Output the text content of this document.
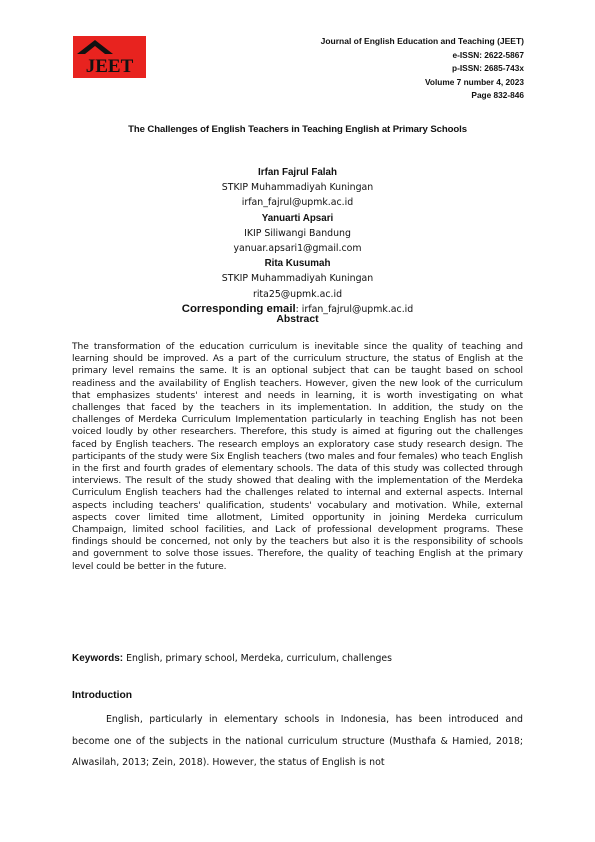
JEET
Journal of English Education and Teaching (JEET)
e-ISSN: 2622-5867
p-ISSN: 2685-743x
Volume 7 number 4, 2023
Page 832-846
The Challenges of English Teachers in Teaching English at Primary Schools
Irfan Fajrul Falah
STKIP Muhammadiyah Kuningan
irfan_fajrul@upmk.ac.id
Yanuarti Apsari
IKIP Siliwangi Bandung
yanuar.apsari1@gmail.com
Rita Kusumah
STKIP Muhammadiyah Kuningan
rita25@upmk.ac.id
Corresponding email: irfan_fajrul@upmk.ac.id
Abstract
The transformation of the education curriculum is inevitable since the quality of teaching and learning should be improved. As a part of the curriculum structure, the status of English at the primary level remains the same. It is an optional subject that can be taught based on school readiness and the availability of English teachers. However, given the new look of the curriculum that emphasizes students' interest and needs in learning, it is worth investigating on what challenges that faced by the teachers in its implementation. In addition, the study on the challenges of Merdeka Curriculum Implementation particularly in teaching English has not been voiced loudly by other researchers. Therefore, this study is aimed at figuring out the challenges faced by English teachers. The research employs an exploratory case study research design. The participants of the study were Six English teachers (two males and four females) who teach English in the first and fourth grades of elementary schools. The data of this study was collected through interviews. The result of the study showed that dealing with the implementation of the Merdeka Curriculum English teachers had the challenges related to internal and external aspects. Internal aspects including teachers' qualification, students' vocabulary and motivation. While, external aspects cover limited time allotment, Limited opportunity in joining Merdeka curriculum Champaign, limited school facilities, and Lack of professional development programs. These findings should be concerned, not only by the teachers but also it is the responsibility of schools and government to solve those issues. Therefore, the quality of teaching English at the primary level could be better in the future.
Keywords: English, primary school, Merdeka, curriculum, challenges
Introduction
English, particularly in elementary schools in Indonesia, has been introduced and become one of the subjects in the national curriculum structure (Musthafa & Hamied, 2018; Alwasilah, 2013; Zein, 2018). However, the status of English is not
